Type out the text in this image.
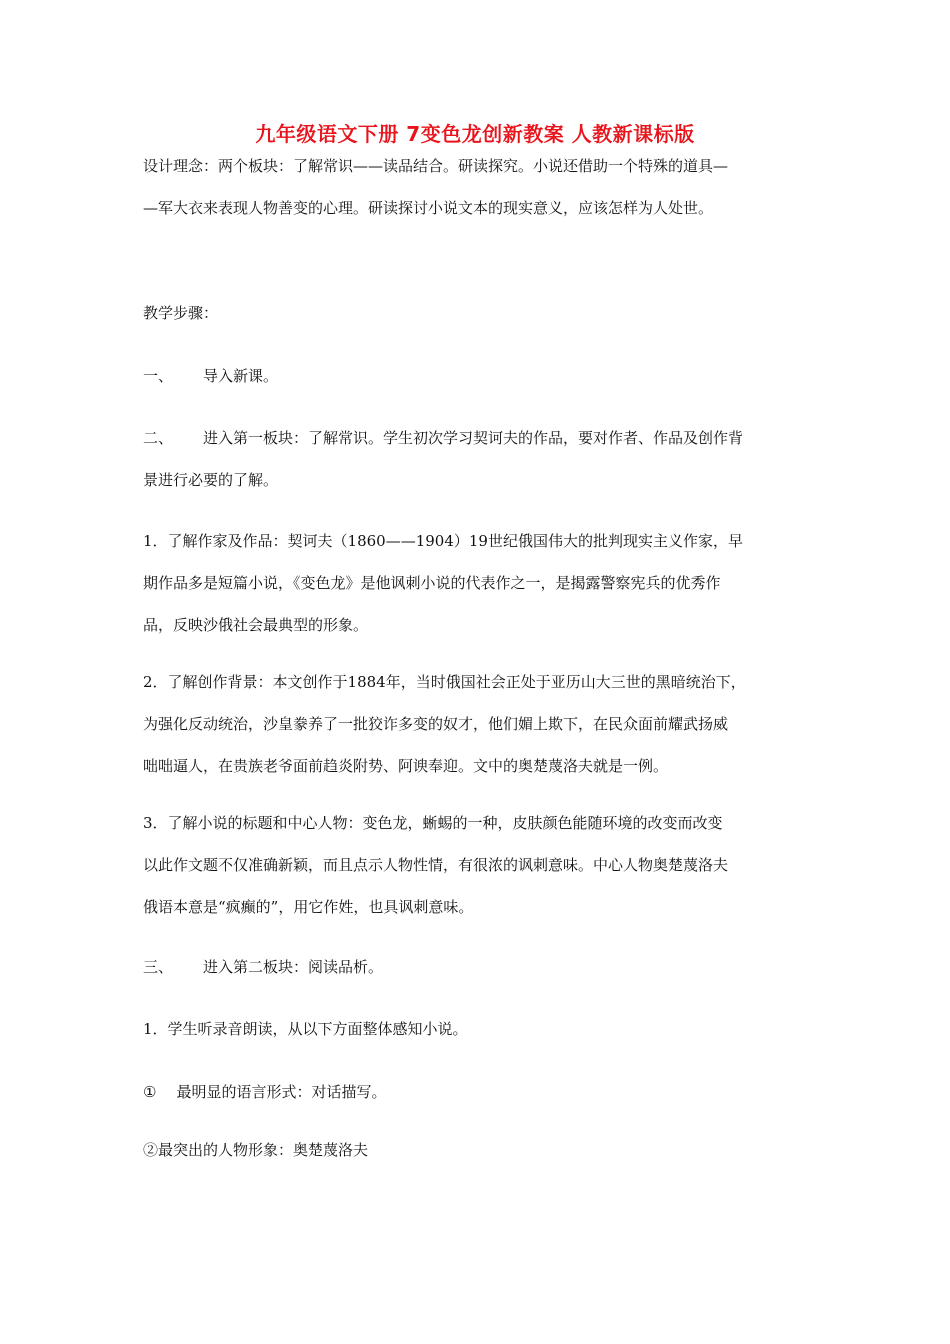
九年级语文下册 7变色龙创新教案 人教新课标版
设计理念：两个板块：了解常识——读品结合。研读探究。小说还借助一个特殊的道具—
—军大衣来表现人物善变的心理。研读探讨小说文本的现实意义，应该怎样为人处世。
教学步骤：
一、 导入新课。
二、 进入第一板块：了解常识。学生初次学习契诃夫的作品，要对作者、作品及创作背
景进行必要的了解。
1．了解作家及作品：契诃夫（1860——1904）19世纪俄国伟大的批判现实主义作家，早
期作品多是短篇小说，《变色龙》是他讽刺小说的代表作之一，是揭露警察宪兵的优秀作
品，反映沙俄社会最典型的形象。
2．了解创作背景：本文创作于1884年，当时俄国社会正处于亚历山大三世的黑暗统治下，
为强化反动统治，沙皇豢养了一批狡诈多变的奴才，他们媚上欺下，在民众面前耀武扬威
咄咄逼人，在贵族老爷面前趋炎附势、阿谀奉迎。文中的奥楚蔑洛夫就是一例。
3．了解小说的标题和中心人物：变色龙，蜥蜴的一种，皮肤颜色能随环境的改变而改变
以此作文题不仅准确新颖，而且点示人物性情，有很浓的讽刺意味。中心人物奥楚蔑洛夫
俄语本意是“疯癫的”，用它作姓，也具讽刺意味。
三、 进入第二板块：阅读品析。
1．学生听录音朗读，从以下方面整体感知小说。
① 最明显的语言形式：对话描写。
②最突出的人物形象：奥楚蔑洛夫
